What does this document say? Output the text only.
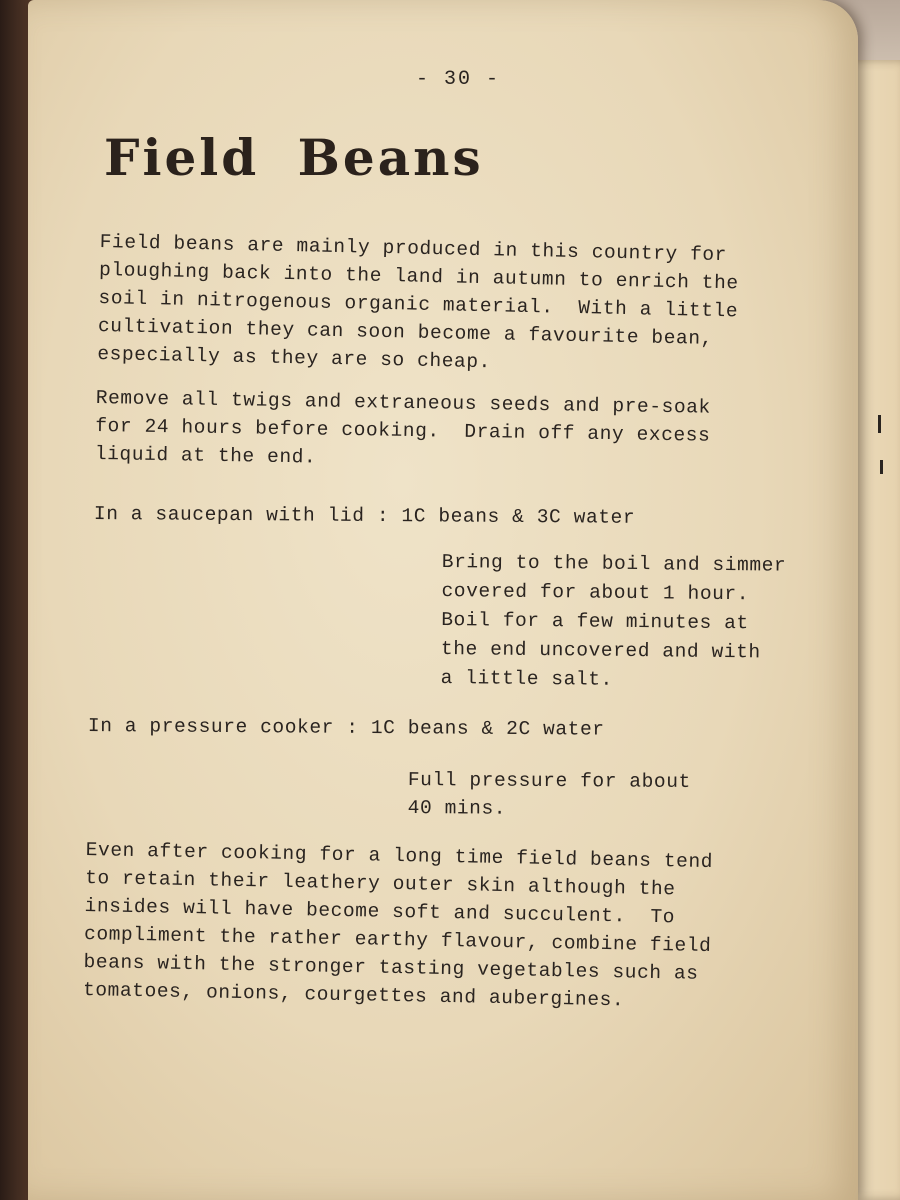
- 30 -
Field Beans
Field beans are mainly produced in this country for
ploughing back into the land in autumn to enrich the
soil in nitrogenous organic material.  With a little
cultivation they can soon become a favourite bean,
especially as they are so cheap.
Remove all twigs and extraneous seeds and pre-soak
for 24 hours before cooking.  Drain off any excess
liquid at the end.
In a saucepan with lid : 1C beans & 3C water
Bring to the boil and simmer
covered for about 1 hour.
Boil for a few minutes at
the end uncovered and with
a little salt.
In a pressure cooker : 1C beans & 2C water
Full pressure for about
40 mins.
Even after cooking for a long time field beans tend
to retain their leathery outer skin although the
insides will have become soft and succulent.  To
compliment the rather earthy flavour, combine field
beans with the stronger tasting vegetables such as
tomatoes, onions, courgettes and aubergines.
